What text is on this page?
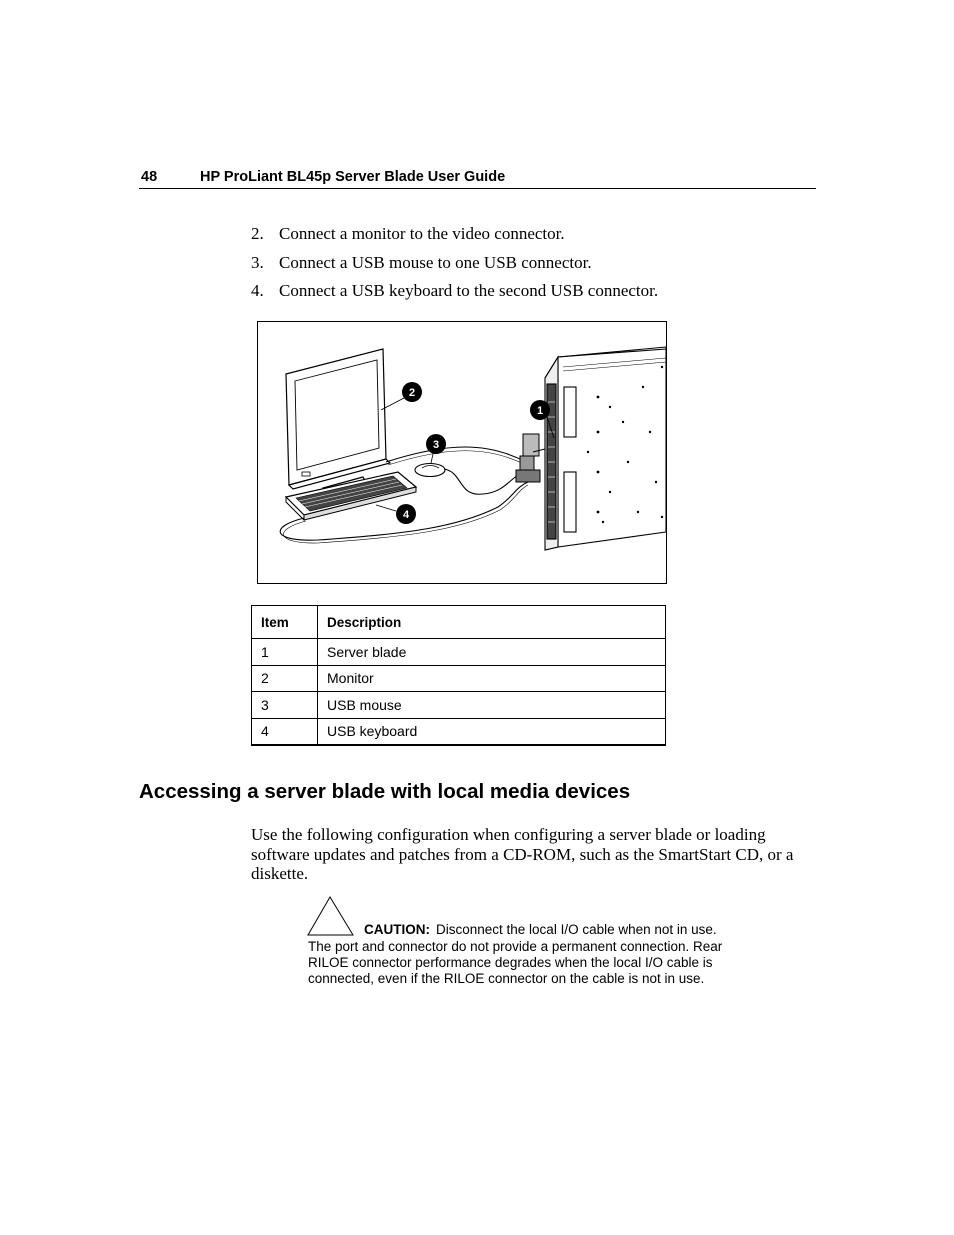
48	HP ProLiant BL45p Server Blade User Guide
2. Connect a monitor to the video connector.
3. Connect a USB mouse to one USB connector.
4. Connect a USB keyboard to the second USB connector.
1
2
3
4
Item	Description
1	Server blade
2	Monitor
3	USB mouse
4	USB keyboard
Accessing a server blade with local media devices
Use the following configuration when configuring a server blade or loading
software updates and patches from a CD-ROM, such as the SmartStart CD, or a
diskette.
CAUTION: Disconnect the local I/O cable when not in use.
The port and connector do not provide a permanent connection. Rear
RILOE connector performance degrades when the local I/O cable is
connected, even if the RILOE connector on the cable is not in use.
